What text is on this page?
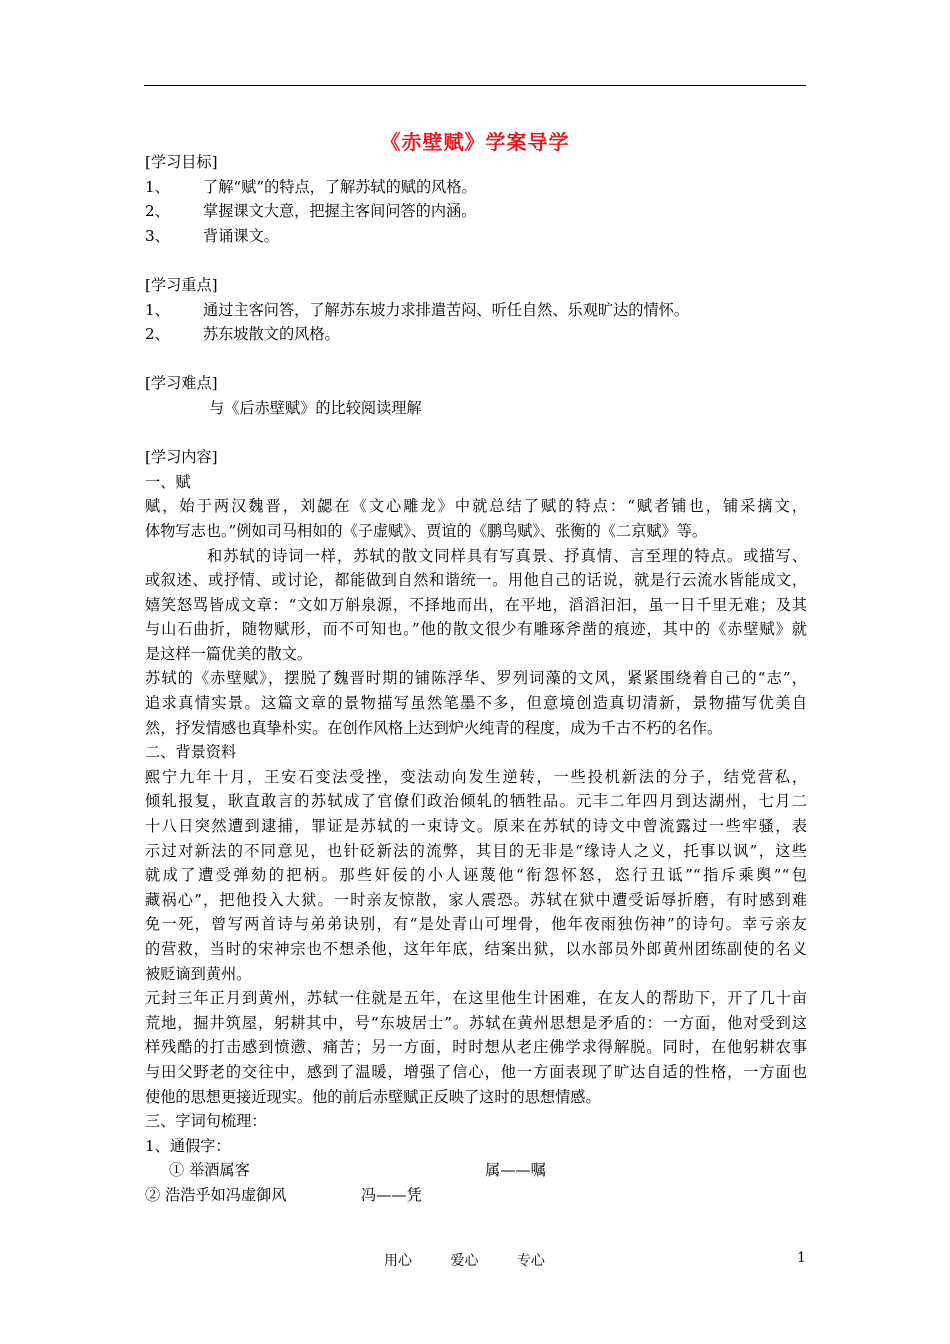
《赤壁赋》学案导学
[学习目标]
1、 了解“赋”的特点，了解苏轼的赋的风格。
2、 掌握课文大意，把握主客间问答的内涵。
3、 背诵课文。
[学习重点]
1、 通过主客问答，了解苏东坡力求排遣苦闷、听任自然、乐观旷达的情怀。
2、 苏东坡散文的风格。
[学习难点]
与《后赤壁赋》的比较阅读理解
[学习内容]
一、赋
赋，始于两汉魏晋，刘勰在《文心雕龙》中就总结了赋的特点：“赋者铺也，铺采摛文，
体物写志也。”例如司马相如的《子虚赋》、贾谊的《鹏鸟赋》、张衡的《二京赋》等。
和苏轼的诗词一样，苏轼的散文同样具有写真景、抒真情、言至理的特点。或描写、
或叙述、或抒情、或讨论，都能做到自然和谐统一。用他自己的话说，就是行云流水皆能成文，
嬉笑怒骂皆成文章：“文如万斛泉源，不择地而出，在平地，滔滔汩汩，虽一日千里无难；及其
与山石曲折，随物赋形，而不可知也。”他的散文很少有雕琢斧凿的痕迹，其中的《赤壁赋》就
是这样一篇优美的散文。
苏轼的《赤壁赋》，摆脱了魏晋时期的铺陈浮华、罗列词藻的文风，紧紧围绕着自己的“志”，
追求真情实景。这篇文章的景物描写虽然笔墨不多，但意境创造真切清新，景物描写优美自
然，抒发情感也真挚朴实。在创作风格上达到炉火纯青的程度，成为千古不朽的名作。
二、背景资料
熙宁九年十月，王安石变法受挫，变法动向发生逆转，一些投机新法的分子，结党营私，
倾轧报复，耿直敢言的苏轼成了官僚们政治倾轧的牺牲品。元丰二年四月到达湖州，七月二
十八日突然遭到逮捕，罪证是苏轼的一束诗文。原来在苏轼的诗文中曾流露过一些牢骚，表
示过对新法的不同意见，也针砭新法的流弊，其目的无非是“缘诗人之义，托事以讽”，这些
就成了遭受弹劾的把柄。那些奸佞的小人诬蔑他“衔怨怀怒，恣行丑诋”“指斥乘舆”“包
藏祸心”，把他投入大狱。一时亲友惊散，家人震恐。苏轼在狱中遭受诟辱折磨，有时感到难
免一死，曾写两首诗与弟弟诀别，有“是处青山可埋骨，他年夜雨独伤神”的诗句。幸亏亲友
的营救，当时的宋神宗也不想杀他，这年年底，结案出狱，以水部员外郎黄州团练副使的名义
被贬谪到黄州。
元封三年正月到黄州，苏轼一住就是五年，在这里他生计困难，在友人的帮助下，开了几十亩
荒地，掘井筑屋，躬耕其中，号“东坡居士”。苏轼在黄州思想是矛盾的：一方面，他对受到这
样残酷的打击感到愤懑、痛苦；另一方面，时时想从老庄佛学求得解脱。同时，在他躬耕农事
与田父野老的交往中，感到了温暖，增强了信心，他一方面表现了旷达自适的性格，一方面也
使他的思想更接近现实。他的前后赤壁赋正反映了这时的思想情感。
三、字词句梳理：
1、通假字：
① 举酒属客	属——嘱
② 浩浩乎如冯虚御风	冯——凭
用心	爱心	专心	1
